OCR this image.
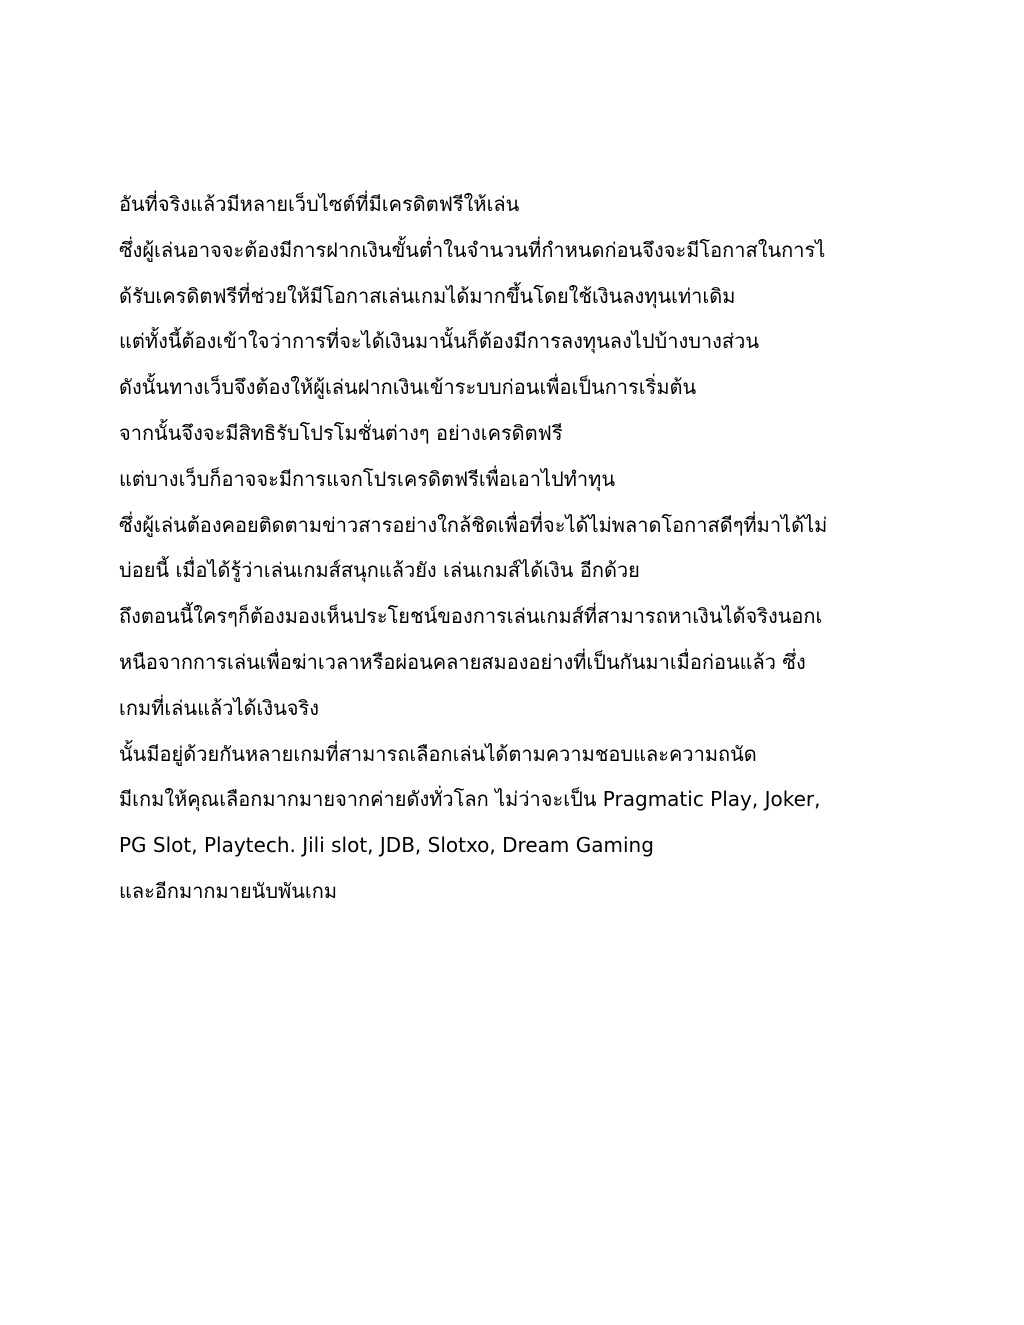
อันที่จริงแล้วมีหลายเว็บไซต์ที่มีเครดิตฟรีให้เล่น
ซึ่งผู้เล่นอาจจะต้องมีการฝากเงินขั้นต่ำในจำนวนที่กำหนดก่อนจึงจะมีโอกาสในการไ
ด้รับเครดิตฟรีที่ช่วยให้มีโอกาสเล่นเกมได้มากขึ้นโดยใช้เงินลงทุนเท่าเดิม
แต่ทั้งนี้ต้องเข้าใจว่าการที่จะได้เงินมานั้นก็ต้องมีการลงทุนลงไปบ้างบางส่วน
ดังนั้นทางเว็บจึงต้องให้ผู้เล่นฝากเงินเข้าระบบก่อนเพื่อเป็นการเริ่มต้น
จากนั้นจึงจะมีสิทธิรับโปรโมชั่นต่างๆ อย่างเครดิตฟรี
แต่บางเว็บก็อาจจะมีการแจกโปรเครดิตฟรีเพื่อเอาไปทำทุน
ซึ่งผู้เล่นต้องคอยติดตามข่าวสารอย่างใกล้ชิดเพื่อที่จะได้ไม่พลาดโอกาสดีๆที่มาได้ไม่
บ่อยนี้ เมื่อได้รู้ว่าเล่นเกมส์สนุกแล้วยัง เล่นเกมส์ได้เงิน อีกด้วย
ถึงตอนนี้ใครๆก็ต้องมองเห็นประโยชน์ของการเล่นเกมส์ที่สามารถหาเงินได้จริงนอกเ
หนือจากการเล่นเพื่อฆ่าเวลาหรือผ่อนคลายสมองอย่างที่เป็นกันมาเมื่อก่อนแล้ว ซึ่ง
เกมที่เล่นแล้วได้เงินจริง
นั้นมีอยู่ด้วยกันหลายเกมที่สามารถเลือกเล่นได้ตามความชอบและความถนัด
มีเกมให้คุณเลือกมากมายจากค่ายดังทั่วโลก ไม่ว่าจะเป็น Pragmatic Play, Joker,
PG Slot, Playtech. Jili slot, JDB, Slotxo, Dream Gaming
และอีกมากมายนับพันเกม
